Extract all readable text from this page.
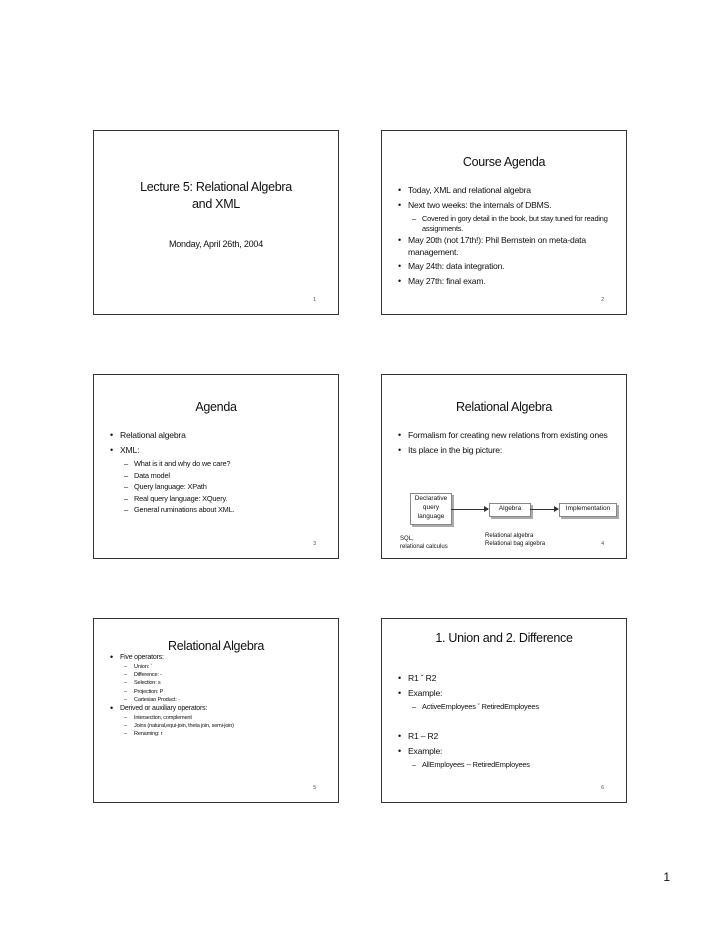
Lecture 5: Relational Algebra
and XML
Monday, April 26th, 2004
1
Course Agenda
• Today, XML and relational algebra
• Next two weeks: the internals of DBMS.
– Covered in gory detail in the book, but stay tuned for reading assignments.
• May 20th (not 17th!): Phil Bernstein on meta-data management.
• May 24th: data integration.
• May 27th: final exam.
2
Agenda
• Relational algebra
• XML:
– What is it and why do we care?
– Data model
– Query language: XPath
– Real query language: XQuery.
– General ruminations about XML.
3
Relational Algebra
• Formalism for creating new relations from existing ones
• Its place in the big picture:
Declarative query language
Algebra	Implementation
SQL,
relational calculus
Relational algebra
Relational bag algebra	4
Relational Algebra
• Five operators:
– Union: ˇ
– Difference: -
– Selection: s
– Projection: P
– Cartesian Product: ·
• Derived or auxiliary operators:
– Intersection, complement
– Joins (natural,equi-join, theta join, semi-join)
– Renaming: r
5
1. Union and 2. Difference
• R1 ˇ R2
• Example:
– ActiveEmployees ˇ RetiredEmployees
• R1 – R2
• Example:
– AllEmployees -- RetiredEmployees
6
1
